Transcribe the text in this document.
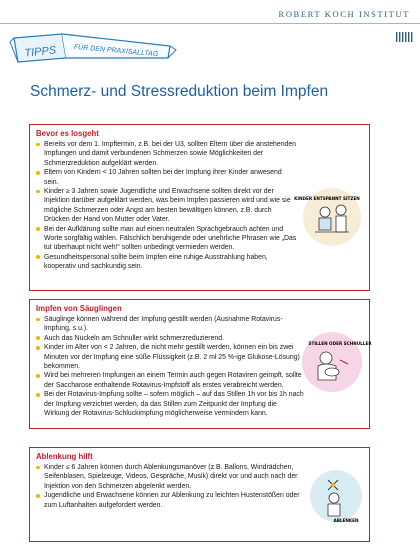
ROBERT KOCH INSTITUT
TIPPS FÜR DEN PRAXISALLTAG
Schmerz- und Stressreduktion beim Impfen
Bevor es losgeht
Bereits vor dem 1. Impftermin, z.B. bei der U3, sollten Eltern über die anstehenden Impfungen und damit verbundenen Schmerzen sowie Möglichkeiten der Schmerzreduktion aufgeklärt werden.
Eltern von Kindern < 10 Jahren sollten bei der Impfung ihrer Kinder anwesend sein.
Kinder ≥ 3 Jahren sowie Jugendliche und Erwachsene sollten direkt vor der Injektion darüber aufgeklärt werden, was beim Impfen passieren wird und wie sie mögliche Schmerzen oder Angst am besten bewältigen können, z.B. durch Drücken der Hand von Mutter oder Vater.
Bei der Aufklärung sollte man auf einen neutralen Sprachgebrauch achten und Worte sorgfältig wählen. Fälschlich beruhigende oder unehrliche Phrasen wie „Das tut überhaupt nicht weh!“ sollten unbedingt vermieden werden.
Gesundheitspersonal sollte beim Impfen eine ruhige Ausstrahlung haben, kooperativ und sachkundig sein.
KINDER ENTSPANNT SITZEN
Impfen von Säuglingen
Säuglinge können während der Impfung gestillt werden (Ausnahme Rotavirus-Impfung, s.u.).
Auch das Nuckeln am Schnuller wirkt schmerzreduzierend.
Kinder im Alter von < 2 Jahren, die nicht mehr gestillt werden, können ein bis zwei Minuten vor der Impfung eine süße Flüssigkeit (z.B. 2 ml 25 %-ige Glukose-Lösung) bekommen.
Wird bei mehreren Impfungen an einem Termin auch gegen Rotaviren geimpft, sollte der Saccharose enthaltende Rotavirus-Impfstoff als erstes verabreicht werden.
Bei der Rotavirus-Impfung sollte – sofern möglich – auf das Stillen 1h vor bis 1h nach der Impfung verzichtet werden, da das Stillen zum Zeitpunkt der Impfung die Wirkung der Rotavirus-Schluckimpfung möglicherweise vermindern kann.
STILLEN ODER SCHNULLER
Ablenkung hilft
Kinder ≤ 6 Jahren können durch Ablenkungsmanöver (z.B. Ballons, Windrädchen, Seifenblasen, Spielzeuge, Videos, Gespräche, Musik) direkt vor und auch nach der Injektion von den Schmerzen abgelenkt werden.
Jugendliche und Erwachsene können zur Ablenkung zu leichten Hustenstößen oder zum Luftanhalten aufgefordert werden.
ABLENKEN
